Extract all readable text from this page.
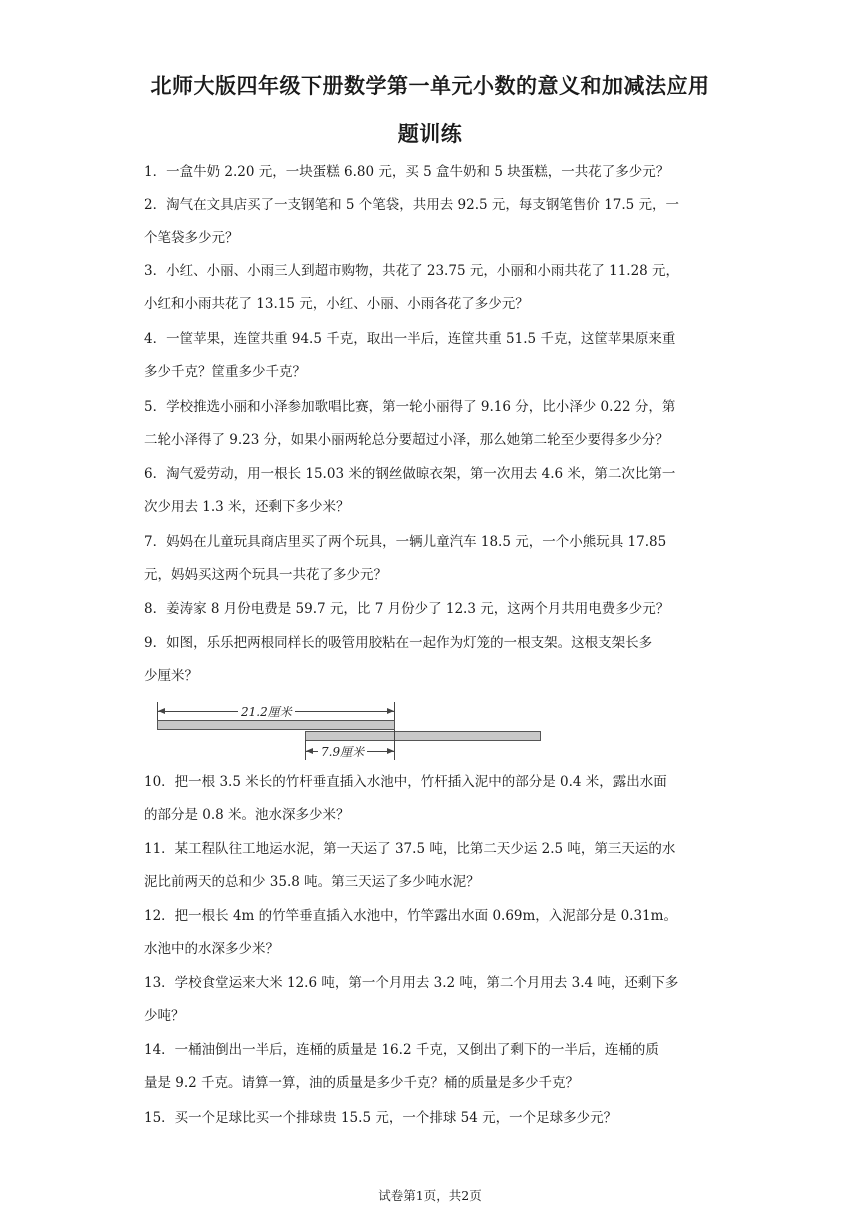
北师大版四年级下册数学第一单元小数的意义和加减法应用
题训练
1．一盒牛奶 2.20 元，一块蛋糕 6.80 元，买 5 盒牛奶和 5 块蛋糕，一共花了多少元？
2．淘气在文具店买了一支钢笔和 5 个笔袋，共用去 92.5 元，每支钢笔售价 17.5 元，一
个笔袋多少元？
3．小红、小丽、小雨三人到超市购物，共花了 23.75 元，小丽和小雨共花了 11.28 元，
小红和小雨共花了 13.15 元，小红、小丽、小雨各花了多少元？
4．一筐苹果，连筐共重 94.5 千克，取出一半后，连筐共重 51.5 千克，这筐苹果原来重
多少千克？筐重多少千克？
5．学校推选小丽和小泽参加歌唱比赛，第一轮小丽得了 9.16 分，比小泽少 0.22 分，第
二轮小泽得了 9.23 分，如果小丽两轮总分要超过小泽，那么她第二轮至少要得多少分？
6．淘气爱劳动，用一根长 15.03 米的钢丝做晾衣架，第一次用去 4.6 米，第二次比第一
次少用去 1.3 米，还剩下多少米？
7．妈妈在儿童玩具商店里买了两个玩具，一辆儿童汽车 18.5 元，一个小熊玩具 17.85
元，妈妈买这两个玩具一共花了多少元？
8．姜涛家 8 月份电费是 59.7 元，比 7 月份少了 12.3 元，这两个月共用电费多少元？
9．如图，乐乐把两根同样长的吸管用胶粘在一起作为灯笼的一根支架。这根支架长多
少厘米？
21.2厘米
7.9厘米
10．把一根 3.5 米长的竹杆垂直插入水池中，竹杆插入泥中的部分是 0.4 米，露出水面
的部分是 0.8 米。池水深多少米？
11．某工程队往工地运水泥，第一天运了 37.5 吨，比第二天少运 2.5 吨，第三天运的水
泥比前两天的总和少 35.8 吨。第三天运了多少吨水泥？
12．把一根长 4m 的竹竿垂直插入水池中，竹竿露出水面 0.69m，入泥部分是 0.31m。
水池中的水深多少米？
13．学校食堂运来大米 12.6 吨，第一个月用去 3.2 吨，第二个月用去 3.4 吨，还剩下多
少吨？
14．一桶油倒出一半后，连桶的质量是 16.2 千克，又倒出了剩下的一半后，连桶的质
量是 9.2 千克。请算一算，油的质量是多少千克？桶的质量是多少千克？
15．买一个足球比买一个排球贵 15.5 元，一个排球 54 元，一个足球多少元？
试卷第1页，共2页
